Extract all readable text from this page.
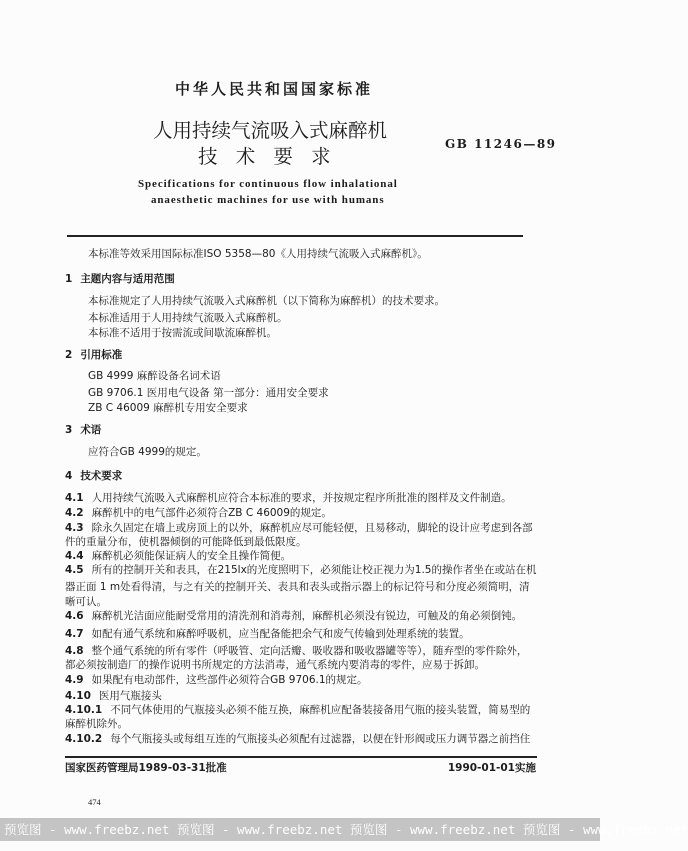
中华人民共和国国家标准
人用持续气流吸入式麻醉机
技 术 要 求
GB 11246—89
Specifications for continuous flow inhalational
anaesthetic machines for use with humans
本标准等效采用国际标准ISO 5358—80《人用持续气流吸入式麻醉机》。
1 主题内容与适用范围
本标准规定了人用持续气流吸入式麻醉机（以下简称为麻醉机）的技术要求。
本标准适用于人用持续气流吸入式麻醉机。
本标准不适用于按需流或间歇流麻醉机。
2 引用标准
GB 4999 麻醉设备名词术语
GB 9706.1 医用电气设备 第一部分：通用安全要求
ZB C 46009 麻醉机专用安全要求
3 术语
应符合GB 4999的规定。
4 技术要求
4.1 人用持续气流吸入式麻醉机应符合本标准的要求，并按规定程序所批准的图样及文件制造。
4.2 麻醉机中的电气部件必须符合ZB C 46009的规定。
4.3 除永久固定在墙上或房顶上的以外，麻醉机应尽可能轻便，且易移动，脚轮的设计应考虑到各部
件的重量分布，使机器倾倒的可能降低到最低限度。
4.4 麻醉机必须能保证病人的安全且操作简便。
4.5 所有的控制开关和表具，在215lx的光度照明下，必须能让校正视力为1.5的操作者坐在或站在机
器正面 1 m处看得清，与之有关的控制开关、表具和表头或指示器上的标记符号和分度必须简明，清
晰可认。
4.6 麻醉机光洁面应能耐受常用的清洗剂和消毒剂，麻醉机必须没有锐边，可触及的角必须倒钝。
4.7 如配有通气系统和麻醉呼吸机，应当配备能把余气和废气传输到处理系统的装置。
4.8 整个通气系统的所有零件（呼吸管、定向活瓣、吸收器和吸收器罐等等），随弃型的零件除外，
都必须按制造厂的操作说明书所规定的方法消毒，通气系统内要消毒的零件，应易于拆卸。
4.9 如果配有电动部件，这些部件必须符合GB 9706.1的规定。
4.10 医用气瓶接头
4.10.1 不同气体使用的气瓶接头必须不能互换，麻醉机应配备装接备用气瓶的接头装置，简易型的
麻醉机除外。
4.10.2 每个气瓶接头或每组互连的气瓶接头必须配有过滤器，以便在针形阀或压力调节器之前挡住
国家医药管理局1989-03-31批准	1990-01-01实施
474
预览图 - www.freebz.net 预览图 - www.freebz.net 预览图 - www.freebz.net 预览图 - www.freebz.net
